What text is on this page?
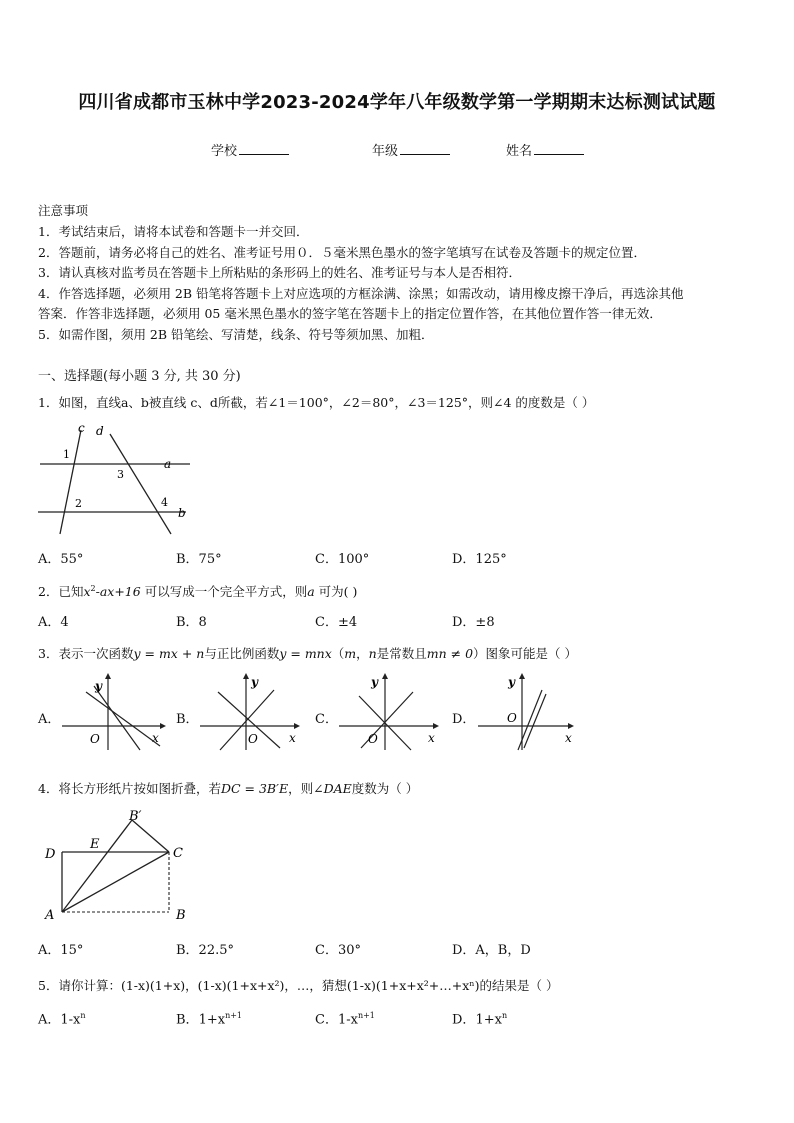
四川省成都市玉林中学2023-2024学年八年级数学第一学期期末达标测试试题
学校	年级	姓名
注意事项
1．考试结束后，请将本试卷和答题卡一并交回．
2．答题前，请务必将自己的姓名、准考证号用０．５毫米黑色墨水的签字笔填写在试卷及答题卡的规定位置．
3．请认真核对监考员在答题卡上所粘贴的条形码上的姓名、准考证号与本人是否相符．
4．作答选择题，必须用 2B 铅笔将答题卡上对应选项的方框涂满、涂黑；如需改动，请用橡皮擦干净后，再选涂其他
答案．作答非选择题，必须用 05 毫米黑色墨水的签字笔在答题卡上的指定位置作答，在其他位置作答一律无效．
5．如需作图，须用 2B 铅笔绘、写清楚，线条、符号等须加黑、加粗．
一、选择题(每小题 3 分, 共 30 分)
1．如图，直线a、b被直线 c、d所截，若∠1＝100°，∠2＝80°，∠3＝125°，则∠4 的度数是（ ）
c d
a
b
1
2
3
4
A．55°	B．75°	C．100°	D．125°
2．已知$x^2-ax+16$ 可以写成一个完全平方式，则a 可为( )
A．4	B．8	C．±4	D．±8
3．表示一次函数y = mx + n与正比例函数y = mnx（m，n是常数且mn ≠ 0）图象可能是（ ）
A．
y
O	x
B．
y
O	x
C．
y
O	x
D．
y
O
x
4．将长方形纸片按如图折叠，若DC = 3B′E，则∠DAE度数为（ ）
B′
E
D	C
A	B
A．15°	B．22.5°	C．30°	D．A，B，D
5．请你计算：(1-x)(1+x)，(1-x)(1+x+x²)，…，猜想(1-x)(1+x+x²+…+xⁿ)的结果是（ ）
A．$1-x^n$	B．$1+x^{n+1}$	C．$1-x^{n+1}$	D．$1+x^n$
